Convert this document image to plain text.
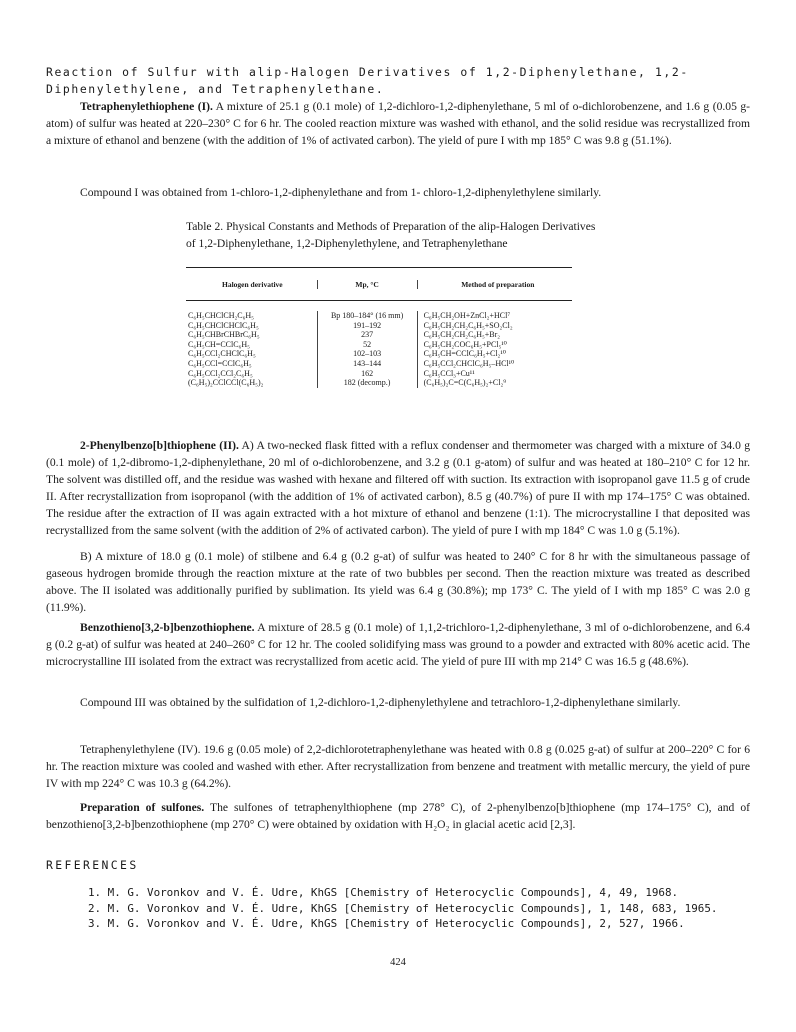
Reaction of Sulfur with alip-Halogen Derivatives of 1,2-Diphenylethane, 1,2-Diphenylethylene, and Tetraphenylethane.
Tetraphenylethiophene (I). A mixture of 25.1 g (0.1 mole) of 1,2-dichloro-1,2-diphenylethane, 5 ml of o-dichlorobenzene, and 1.6 g (0.05 g-atom) of sulfur was heated at 220–230° C for 6 hr. The cooled reaction mixture was washed with ethanol, and the solid residue was recrystallized from a mixture of ethanol and benzene (with the addition of 1% of activated carbon). The yield of pure I with mp 185° C was 9.8 g (51.1%).
Compound I was obtained from 1-chloro-1,2-diphenylethane and from 1- chloro-1,2-diphenylethylene similarly.
Table 2. Physical Constants and Methods of Preparation of the alip-Halogen Derivatives of 1,2-Diphenylethane, 1,2-Diphenylethylene, and Tetraphenylethane
Halogen derivative	Mp, °C	Method of preparation
C₆H₅CHClCH₂C₆H₅
C₆H₅CHClCHClC₆H₅
C₆H₅CHBrCHBrC₆H₅
C₆H₅CH=CClC₆H₅
C₆H₅CCl₂CHClC₆H₅
C₆H₅CCl=CClC₆H₅
C₆H₅CCl₂CCl₂C₆H₅
(C₆H₅)₂CClCCl(C₆H₅)₂
Bp 180–184° (16 mm)
191–192
237
52
102–103
143–144
162
182 (decomp.)
C₆H₅CH₂OH+ZnCl₂+HCl⁷
C₆H₅CH₂CH₂C₆H₅+SO₂Cl₂
C₆H₅CH₂CH₂C₆H₅+Br₂
C₆H₅CH₂COC₆H₅+PCl₅¹⁰
C₆H₅CH=CClC₆H₅+Cl₂¹⁰
C₆H₅CCl₂CHClC₆H₅–HCl¹⁰
C₆H₅CCl₃+Cu¹¹
(C₆H₅)₂C=C(C₆H₅)₂+Cl₂⁹
2-Phenylbenzo[b]thiophene (II). A) A two-necked flask fitted with a reflux condenser and thermometer was charged with a mixture of 34.0 g (0.1 mole) of 1,2-dibromo-1,2-diphenylethane, 20 ml of o-dichlorobenzene, and 3.2 g (0.1 g-atom) of sulfur and was heated at 180–210° C for 12 hr. The solvent was distilled off, and the residue was washed with hexane and filtered off with suction. Its extraction with isopropanol gave 11.5 g of crude II. After recrystallization from isopropanol (with the addition of 1% of activated carbon), 8.5 g (40.7%) of pure II with mp 174–175° C was obtained. The residue after the extraction of II was again extracted with a hot mixture of ethanol and benzene (1:1). The microcrystalline I that deposited was recrystallized from the same solvent (with the addition of 2% of activated carbon). The yield of pure I with mp 184° C was 1.0 g (5.1%).
B) A mixture of 18.0 g (0.1 mole) of stilbene and 6.4 g (0.2 g-at) of sulfur was heated to 240° C for 8 hr with the simultaneous passage of gaseous hydrogen bromide through the reaction mixture at the rate of two bubbles per second. Then the reaction mixture was treated as described above. The II isolated was additionally purified by sublimation. Its yield was 6.4 g (30.8%); mp 173° C. The yield of I with mp 185° C was 2.0 g (11.9%).
Benzothieno[3,2-b]benzothiophene. A mixture of 28.5 g (0.1 mole) of 1,1,2-trichloro-1,2-diphenylethane, 3 ml of o-dichlorobenzene, and 6.4 g (0.2 g-at) of sulfur was heated at 240–260° C for 12 hr. The cooled solidifying mass was ground to a powder and extracted with 80% acetic acid. The microcrystalline III isolated from the extract was recrystallized from acetic acid. The yield of pure III with mp 214° C was 16.5 g (48.6%).
Compound III was obtained by the sulfidation of 1,2-dichloro-1,2-diphenylethylene and tetrachloro-1,2-diphenylethane similarly.
Tetraphenylethylene (IV). 19.6 g (0.05 mole) of 2,2-dichlorotetraphenylethane was heated with 0.8 g (0.025 g-at) of sulfur at 200–220° C for 6 hr. The reaction mixture was cooled and washed with ether. After recrystallization from benzene and treatment with metallic mercury, the yield of pure IV with mp 224° C was 10.3 g (64.2%).
Preparation of sulfones. The sulfones of tetraphenylthiophene (mp 278° C), of 2-phenylbenzo[b]thiophene (mp 174–175° C), and of benzothieno[3,2-b]benzothiophene (mp 270° C) were obtained by oxidation with H₂O₂ in glacial acetic acid [2,3].
REFERENCES
1. M. G. Voronkov and V. É. Udre, KhGS [Chemistry of Heterocyclic Compounds], 4, 49, 1968.
2. M. G. Voronkov and V. É. Udre, KhGS [Chemistry of Heterocyclic Compounds], 1, 148, 683, 1965.
3. M. G. Voronkov and V. É. Udre, KhGS [Chemistry of Heterocyclic Compounds], 2, 527, 1966.
424
